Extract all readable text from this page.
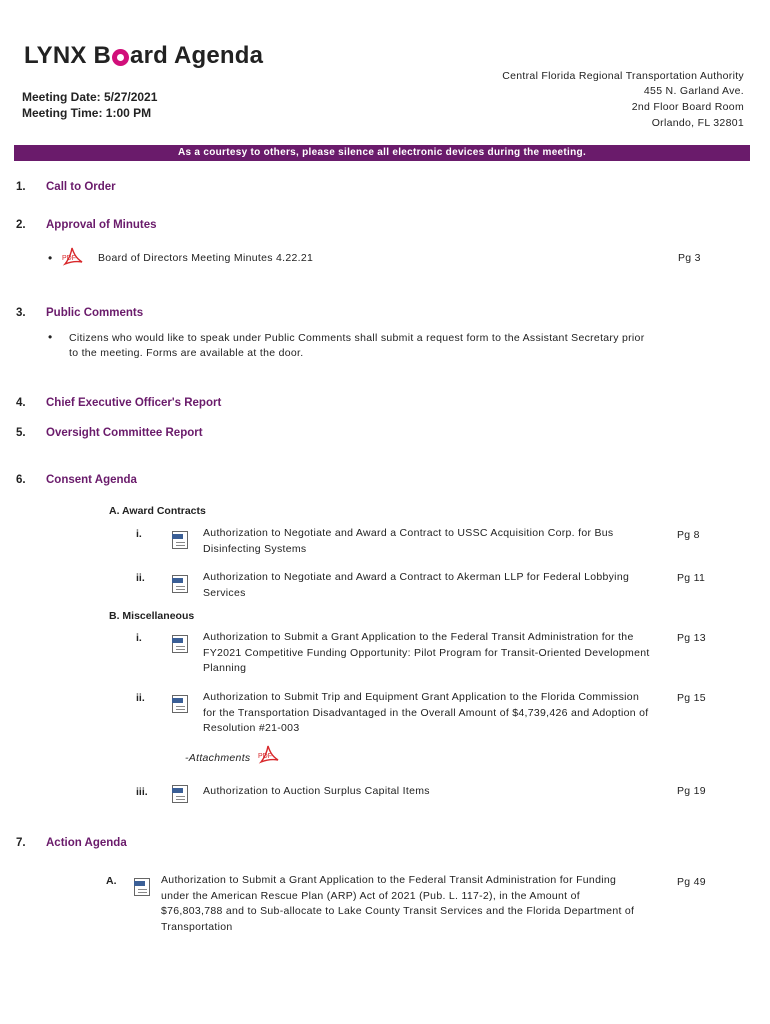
LYNX B ard Agenda
Meeting Date: 5/27/2021
Meeting Time: 1:00 PM
Central Florida Regional Transportation Authority
455 N. Garland Ave.
2nd Floor Board Room
Orlando, FL 32801
As a courtesy to others, please silence all electronic devices during the meeting.
1. Call to Order
2. Approval of Minutes
• PDF Board of Directors Meeting Minutes 4.22.21	Pg 3
3. Public Comments
• Citizens who would like to speak under Public Comments shall submit a request form to the Assistant Secretary prior
to the meeting. Forms are available at the door.
4. Chief Executive Officer's Report
5. Oversight Committee Report
6. Consent Agenda
A. Award Contracts
i.	Authorization to Negotiate and Award a Contract to USSC Acquisition Corp. for Bus
Disinfecting Systems
Pg 8
ii.	Authorization to Negotiate and Award a Contract to Akerman LLP for Federal Lobbying
Services
Pg 11
B. Miscellaneous
i.	Authorization to Submit a Grant Application to the Federal Transit Administration for the
FY2021 Competitive Funding Opportunity: Pilot Program for Transit-Oriented Development
Planning
Pg 13
ii.	Authorization to Submit Trip and Equipment Grant Application to the Florida Commission
for the Transportation Disadvantaged in the Overall Amount of $4,739,426 and Adoption of
Resolution #21-003
Pg 15
-Attachments PDF
iii.	Authorization to Auction Surplus Capital Items	Pg 19
7. Action Agenda
A.	Authorization to Submit a Grant Application to the Federal Transit Administration for Funding
under the American Rescue Plan (ARP) Act of 2021 (Pub. L. 117-2), in the Amount of
$76,803,788 and to Sub-allocate to Lake County Transit Services and the Florida Department of
Transportation
Pg 49
